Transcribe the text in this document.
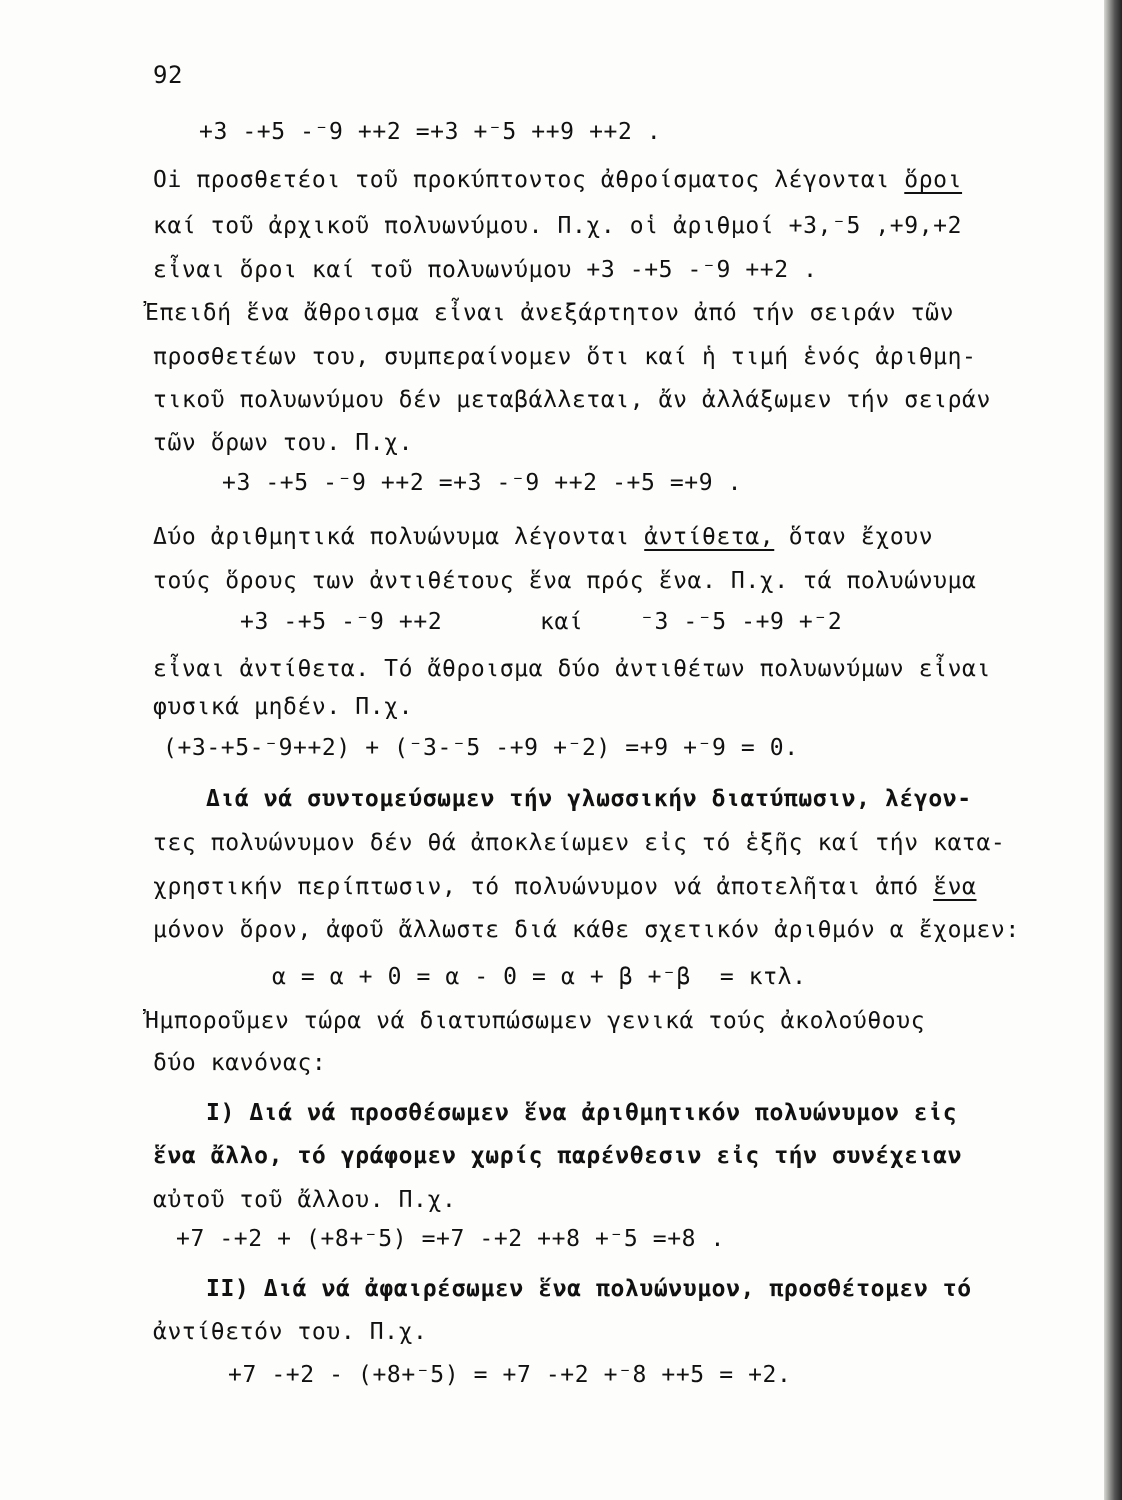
92

+3 -+5 -⁻9 ++2 =+3 +⁻5 ++9 ++2 .

Oi προσθετέοι τοῦ προκύπτοντος ἀθροίσματος λέγονται ὅροι

καί τοῦ ἀρχικοῦ πολυωνύμου. Π.χ. οἱ ἀριθμοί +3,⁻5 ,+9,+2

εἶναι ὅροι καί τοῦ πολυωνύμου +3 -+5 -⁻9 ++2 .

Ἐπειδή ἕνα ἄθροισμα εἶναι ἀνεξάρτητον ἀπό τήν σειράν τῶν

προσθετέων του, συμπεραίνομεν ὅτι καί ἡ τιμή ἑνός ἀριθμη-

τικοῦ πολυωνύμου δέν μεταβάλλεται, ἄν ἀλλάξωμεν τήν σειράν

τῶν ὅρων του. Π.χ.

+3 -+5 -⁻9 ++2 =+3 -⁻9 ++2 -+5 =+9 .

Δύο ἀριθμητικά πολυώνυμα λέγονται ἀντίθετα, ὅταν ἔχουν

τούς ὅρους των ἀντιθέτους ἕνα πρός ἕνα. Π.χ. τά πολυώνυμα

+3 -+5 -⁻9 ++2	καί ⁻3 -⁻5 -+9 +⁻2

εἶναι ἀντίθετα. Τό ἄθροισμα δύο ἀντιθέτων πολυωνύμων εἶναι

φυσικά μηδέν. Π.χ.

(+3-+5-⁻9++2) + (⁻3-⁻5 -+9 +⁻2) =+9 +⁻9 = 0.

Διά νά συντομεύσωμεν τήν γλωσσικήν διατύπωσιν, λέγον-

τες πολυώνυμον δέν θά ἀποκλείωμεν εἰς τό ἑξῆς καί τήν κατα-

χρηστικήν περίπτωσιν, τό πολυώνυμον νά ἀποτελῆται ἀπό ἕνα

μόνον ὅρον, ἀφοῦ ἄλλωστε διά κάθε σχετικόν ἀριθμόν α ἔχομεν:

α = α + 0 = α - 0 = α + β +⁻β  = κτλ.

Ἠμποροῦμεν τώρα νά διατυπώσωμεν γενικά τούς ἀκολούθους

δύο κανόνας:

Ι) Διά νά προσθέσωμεν ἕνα ἀριθμητικόν πολυώνυμον εἰς

ἕνα ἄλλο, τό γράφομεν χωρίς παρένθεσιν εἰς τήν συνέχειαν

αὐτοῦ τοῦ ἄλλου. Π.χ.

+7 -+2 + (+8+⁻5) =+7 -+2 ++8 +⁻5 =+8 .

ΙΙ) Διά νά ἀφαιρέσωμεν ἕνα πολυώνυμον, προσθέτομεν τό

ἀντίθετόν του. Π.χ.

+7 -+2 - (+8+⁻5) = +7 -+2 +⁻8 ++5 = +2.
